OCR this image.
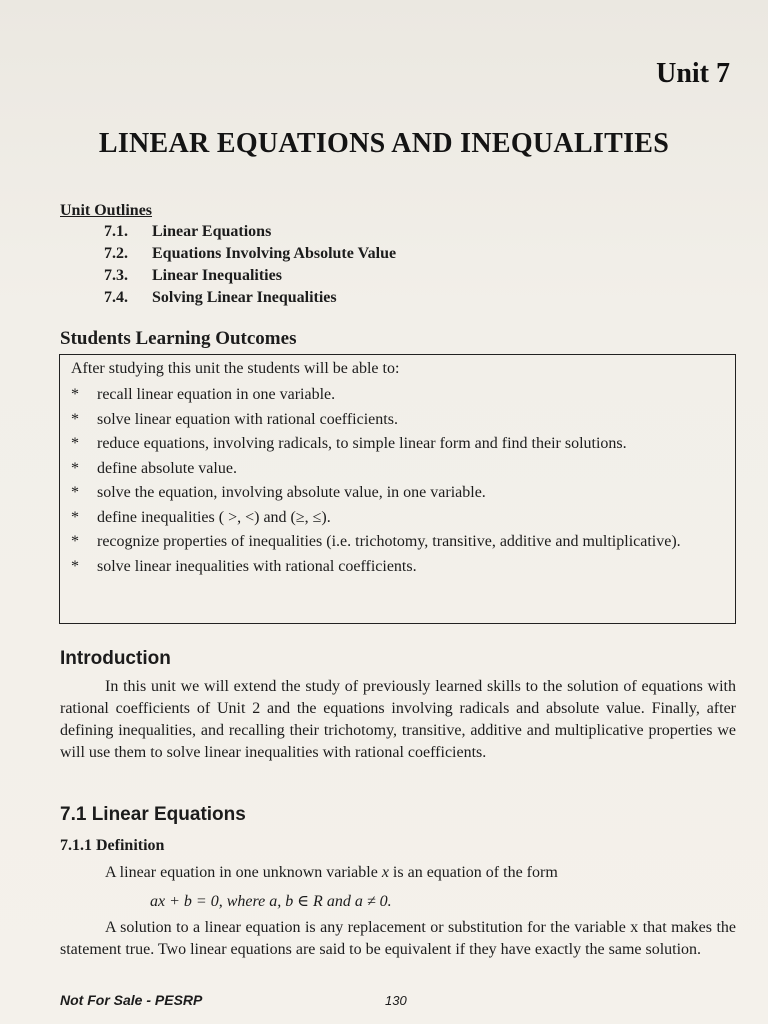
Unit 7
LINEAR EQUATIONS AND INEQUALITIES
Unit Outlines
7.1. Linear Equations
7.2. Equations Involving Absolute Value
7.3. Linear Inequalities
7.4. Solving Linear Inequalities
Students Learning Outcomes
After studying this unit the students will be able to:
* recall linear equation in one variable.
* solve linear equation with rational coefficients.
* reduce equations, involving radicals, to simple linear form and find their solutions.
* define absolute value.
* solve the equation, involving absolute value, in one variable.
* define inequalities ( >, <) and (≥, ≤).
* recognize properties of inequalities (i.e. trichotomy, transitive, additive and multiplicative).
* solve linear inequalities with rational coefficients.
Introduction

In this unit we will extend the study of previously learned skills to the solution of equations with rational coefficients of Unit 2 and the equations involving radicals and absolute value. Finally, after defining inequalities, and recalling their trichotomy, transitive, additive and multiplicative properties we will use them to solve linear inequalities with rational coefficients.

7.1 Linear Equations
7.1.1 Definition

A linear equation in one unknown variable x is an equation of the form

ax + b = 0, where a, b ∈ R and a ≠ 0.

A solution to a linear equation is any replacement or substitution for the variable x that makes the statement true. Two linear equations are said to be equivalent if they have exactly the same solution.

Not For Sale - PESRP	130
